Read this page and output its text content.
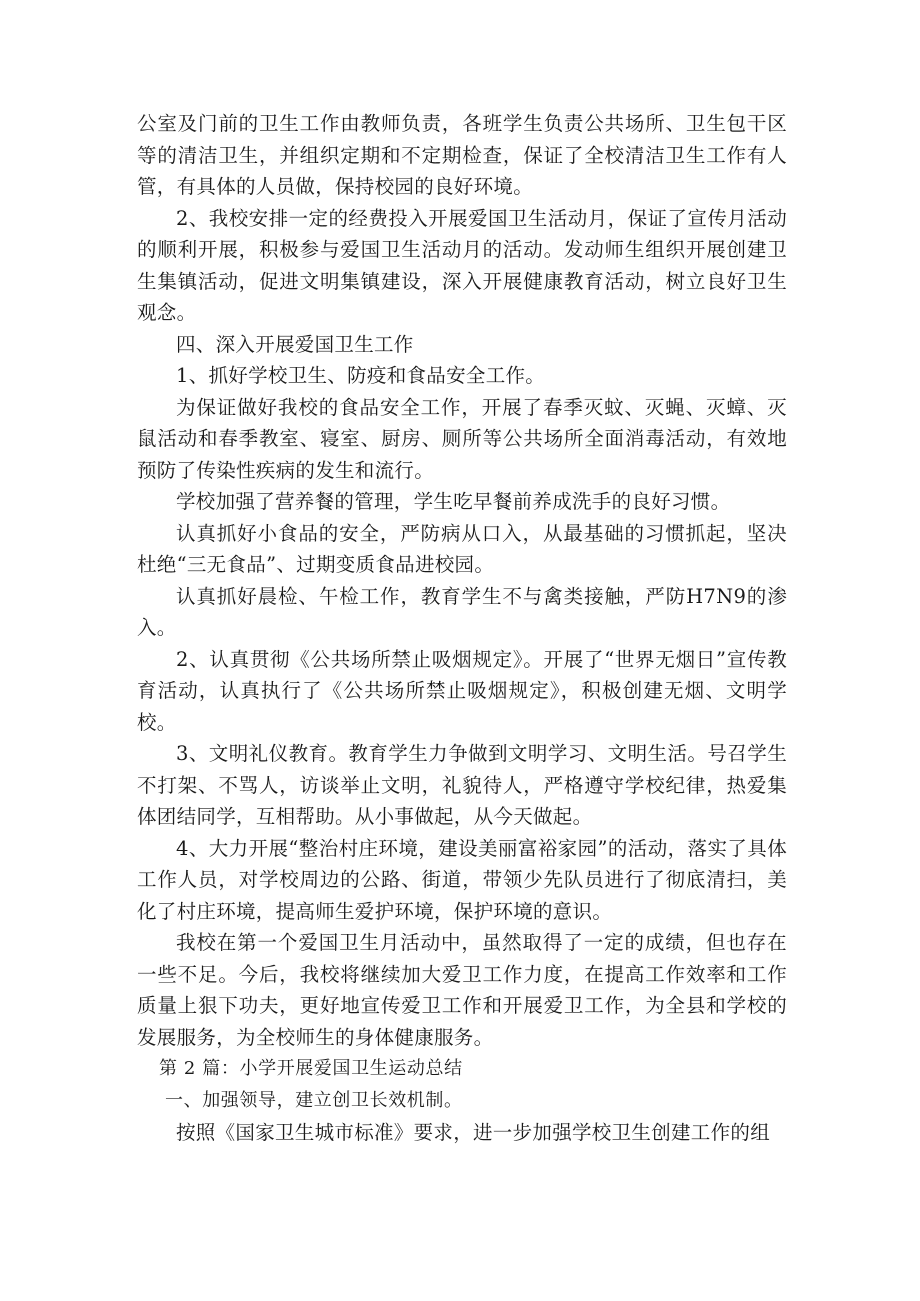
公室及门前的卫生工作由教师负责，各班学生负责公共场所、卫生包干区等的清洁卫生，并组织定期和不定期检查，保证了全校清洁卫生工作有人管，有具体的人员做，保持校园的良好环境。

2、我校安排一定的经费投入开展爱国卫生活动月，保证了宣传月活动的顺利开展，积极参与爱国卫生活动月的活动。发动师生组织开展创建卫生集镇活动，促进文明集镇建设，深入开展健康教育活动，树立良好卫生观念。

四、深入开展爱国卫生工作

1、抓好学校卫生、防疫和食品安全工作。

为保证做好我校的食品安全工作，开展了春季灭蚊、灭蝇、灭蟑、灭鼠活动和春季教室、寝室、厨房、厕所等公共场所全面消毒活动，有效地预防了传染性疾病的发生和流行。

学校加强了营养餐的管理，学生吃早餐前养成洗手的良好习惯。

认真抓好小食品的安全，严防病从口入，从最基础的习惯抓起，坚决杜绝“三无食品”、过期变质食品进校园。

认真抓好晨检、午检工作，教育学生不与禽类接触，严防H7N9的渗入。

2、认真贯彻《公共场所禁止吸烟规定》。开展了“世界无烟日”宣传教育活动，认真执行了《公共场所禁止吸烟规定》，积极创建无烟、文明学校。

3、文明礼仪教育。教育学生力争做到文明学习、文明生活。号召学生不打架、不骂人，访谈举止文明，礼貌待人，严格遵守学校纪律，热爱集体团结同学，互相帮助。从小事做起，从今天做起。

4、大力开展“整治村庄环境，建设美丽富裕家园”的活动，落实了具体工作人员，对学校周边的公路、街道，带领少先队员进行了彻底清扫，美化了村庄环境，提高师生爱护环境，保护环境的意识。

我校在第一个爱国卫生月活动中，虽然取得了一定的成绩，但也存在一些不足。今后，我校将继续加大爱卫工作力度，在提高工作效率和工作质量上狠下功夫，更好地宣传爱卫工作和开展爱卫工作，为全县和学校的发展服务，为全校师生的身体健康服务。

第 2 篇：小学开展爱国卫生运动总结
一、加强领导，建立创卫长效机制。

按照《国家卫生城市标准》要求，进一步加强学校卫生创建工作的组
